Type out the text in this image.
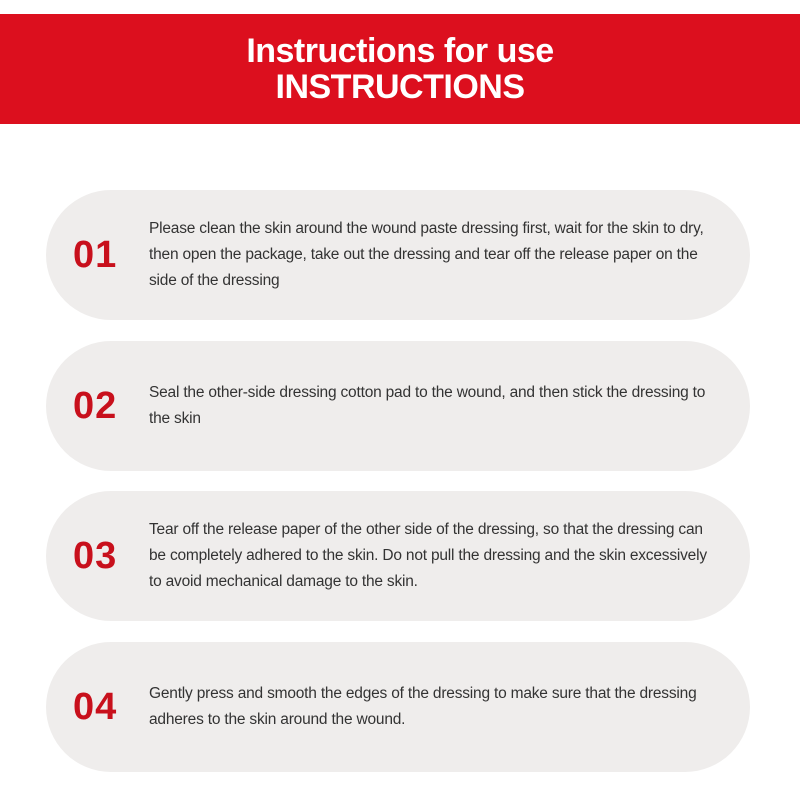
Instructions for use
INSTRUCTIONS
01
Please clean the skin around the wound paste dressing first, wait for the skin to dry, then open the package, take out the dressing and tear off the release paper on the side of the dressing
02 Seal the other-side dressing cotton pad to the wound, and then stick the dressing to the skin
03
Tear off the release paper of the other side of the dressing, so that the dressing can be completely adhered to the skin. Do not pull the dressing and the skin excessively to avoid mechanical damage to the skin.
04 Gently press and smooth the edges of the dressing to make sure that the dressing adheres to the skin around the wound.
